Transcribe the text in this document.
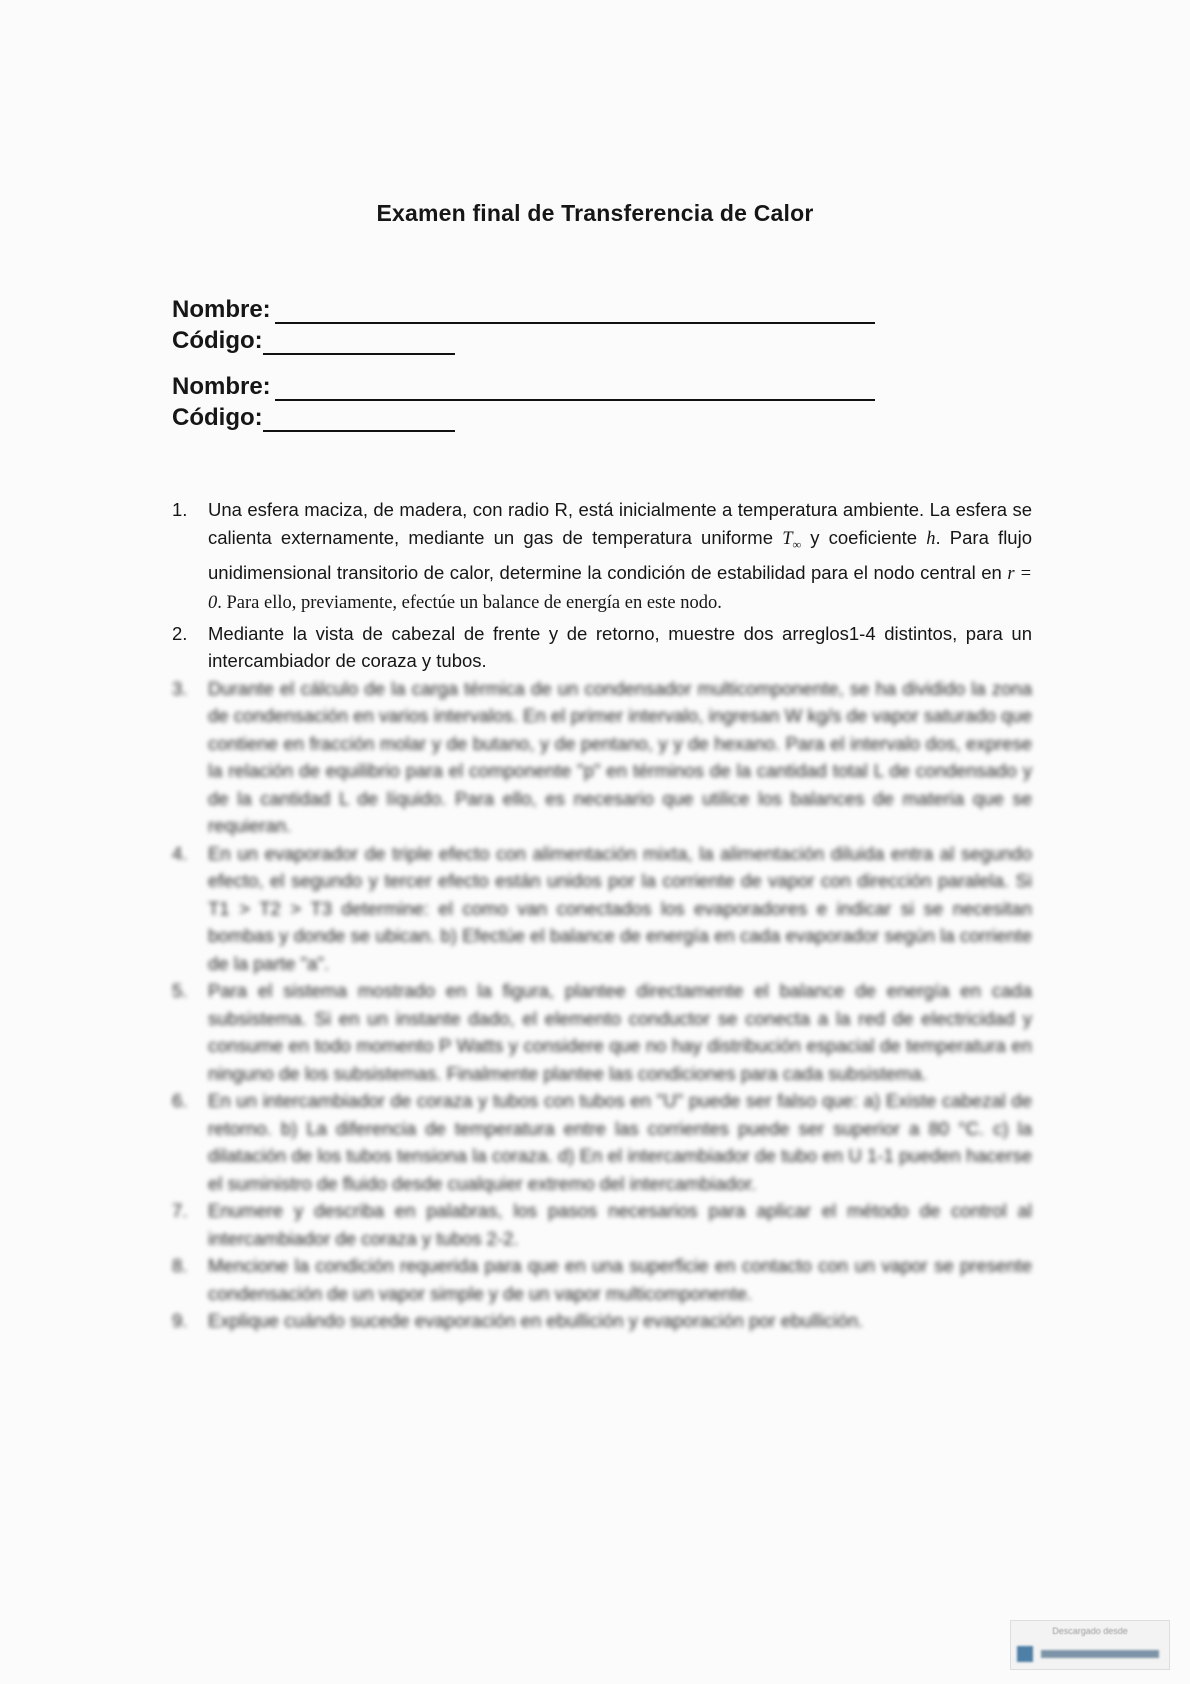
Examen final de Transferencia de Calor
Nombre:
Código:
Nombre:
Código:
1.	Una esfera maciza, de madera, con radio R, está inicialmente a temperatura ambiente. La esfera se calienta externamente, mediante un gas de temperatura uniforme $T_\infty$ y coeficiente h. Para flujo unidimensional transitorio de calor, determine la condición de estabilidad para el nodo central en r = 0. Para ello, previamente, efectúe un balance de energía en este nodo.
2.	Mediante la vista de cabezal de frente y de retorno, muestre dos arreglos1-4 distintos, para un intercambiador de coraza y tubos.
3.	Durante el cálculo de la carga térmica de un condensador multicomponente, se ha dividido la zona de condensación en varios intervalos. En el primer intervalo, ingresan W kg/s de vapor saturado que contiene en fracción molar y de butano, y de pentano, y y de hexano. Para el intervalo dos, exprese la relación de equilibrio para el componente "p" en términos de la cantidad total L de condensado y de la cantidad L de líquido. Para ello, es necesario que utilice los balances de materia que se requieran.
4.	En un evaporador de triple efecto con alimentación mixta, la alimentación diluida entra al segundo efecto, el segundo y tercer efecto están unidos por la corriente de vapor con dirección paralela. Si T1 > T2 > T3 determine: el como van conectados los evaporadores e indicar si se necesitan bombas y donde se ubican. b) Efectúe el balance de energía en cada evaporador según la corriente de la parte "a".
5.	Para el sistema mostrado en la figura, plantee directamente el balance de energía en cada subsistema. Si en un instante dado, el elemento conductor se conecta a la red de electricidad y consume en todo momento P Watts y considere que no hay distribución espacial de temperatura en ninguno de los subsistemas. Finalmente plantee las condiciones para cada subsistema.
6.	En un intercambiador de coraza y tubos con tubos en "U" puede ser falso que: a) Existe cabezal de retorno. b) La diferencia de temperatura entre las corrientes puede ser superior a 80 °C. c) la dilatación de los tubos tensiona la coraza. d) En el intercambiador de tubo en U 1-1 pueden hacerse el suministro de fluido desde cualquier extremo del intercambiador.
7.	Enumere y describa en palabras, los pasos necesarios para aplicar el método de control al intercambiador de coraza y tubos 2-2.
8.	Mencione la condición requerida para que en una superficie en contacto con un vapor se presente condensación de un vapor simple y de un vapor multicomponente.
9.	Explique cuándo sucede evaporación en ebullición y evaporación por ebullición.
Descargado desde
